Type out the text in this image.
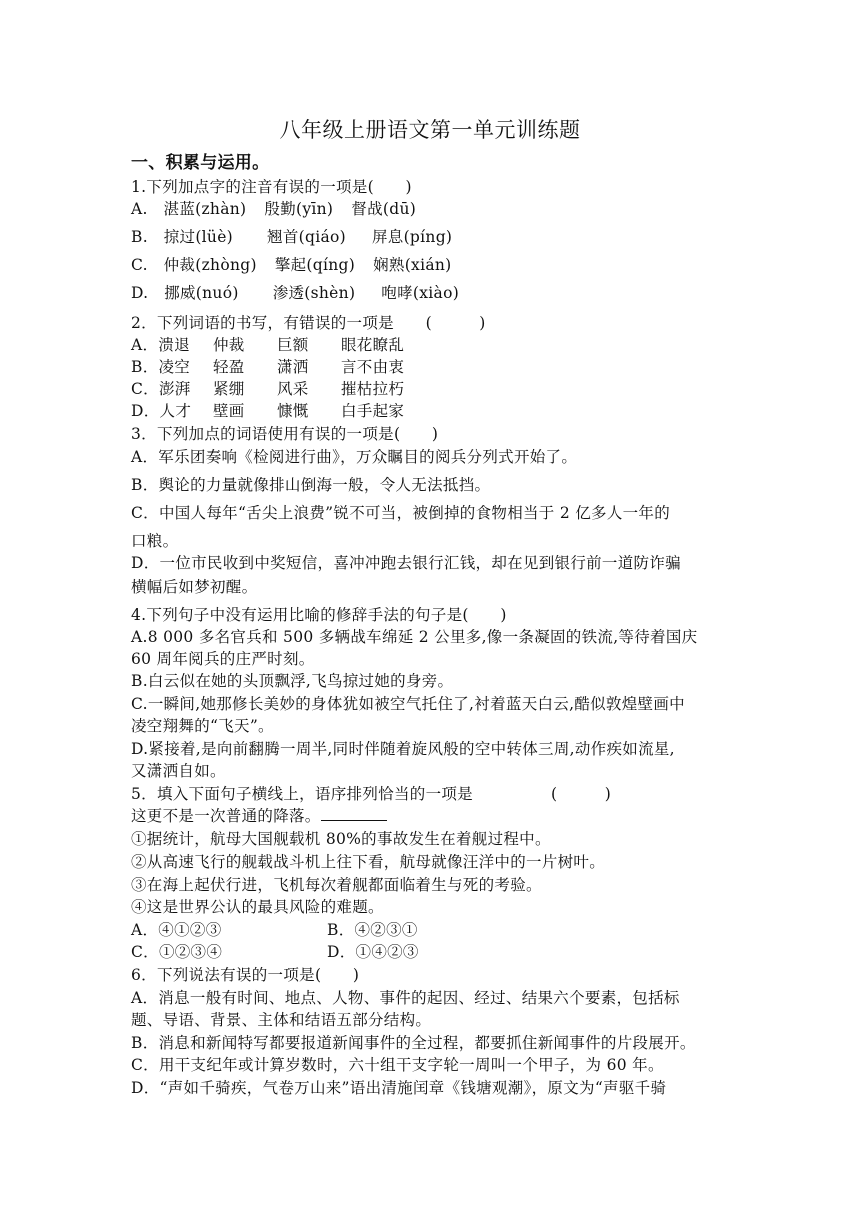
八年级上册语文第一单元训练题
一、积累与运用。
1.下列加点字的注音有误的一项是(　　)
A.　湛蓝(zhàn) 殷勤(yīn) 督战(dū)
B.　掠过(lüè) 翘首(qiáo) 屏息(píng)
C.　仲裁(zhòng) 擎起(qíng) 娴熟(xián)
D.　挪威(nuó) 渗透(shèn) 咆哮(xiào)
2．下列词语的书写，有错误的一项是　　(　　　)
A．溃退 仲裁 巨额 眼花瞭乱
B．凌空 轻盈 潇洒 言不由衷
C．澎湃 紧绷 风采 摧枯拉朽
D．人才 壁画 慷慨 白手起家
3．下列加点的词语使用有误的一项是(　　)
A．军乐团奏响《检阅进行曲》，万众瞩目的阅兵分列式开始了。
B．舆论的力量就像排山倒海一般，令人无法抵挡。
C．中国人每年“舌尖上浪费”锐不可当，被倒掉的食物相当于 2 亿多人一年的
口粮。
D．一位市民收到中奖短信，喜冲冲跑去银行汇钱，却在见到银行前一道防诈骗
横幅后如梦初醒。
4.下列句子中没有运用比喻的修辞手法的句子是(　　)
A.8 000 多名官兵和 500 多辆战车绵延 2 公里多,像一条凝固的铁流,等待着国庆
60 周年阅兵的庄严时刻。
B.白云似在她的头顶飘浮,飞鸟掠过她的身旁。
C.一瞬间,她那修长美妙的身体犹如被空气托住了,衬着蓝天白云,酷似敦煌壁画中
凌空翔舞的“飞天”。
D.紧接着,是向前翻腾一周半,同时伴随着旋风般的空中转体三周,动作疾如流星,
又潇洒自如。
5．填入下面句子横线上，语序排列恰当的一项是	(　　　)
这更不是一次普通的降落。
①据统计，航母大国舰载机 80%的事故发生在着舰过程中。
②从高速飞行的舰载战斗机上往下看，航母就像汪洋中的一片树叶。
③在海上起伏行进，飞机每次着舰都面临着生与死的考验。
④这是世界公认的最具风险的难题。
A．④①②③	B．④②③①
C．①②③④	D．①④②③
6．下列说法有误的一项是(　　)
A．消息一般有时间、地点、人物、事件的起因、经过、结果六个要素，包括标
题、导语、背景、主体和结语五部分结构。
B．消息和新闻特写都要报道新闻事件的全过程，都要抓住新闻事件的片段展开。
C．用干支纪年或计算岁数时，六十组干支字轮一周叫一个甲子，为 60 年。
D．“声如千骑疾，气卷万山来”语出清施闰章《钱塘观潮》，原文为“声驱千骑
